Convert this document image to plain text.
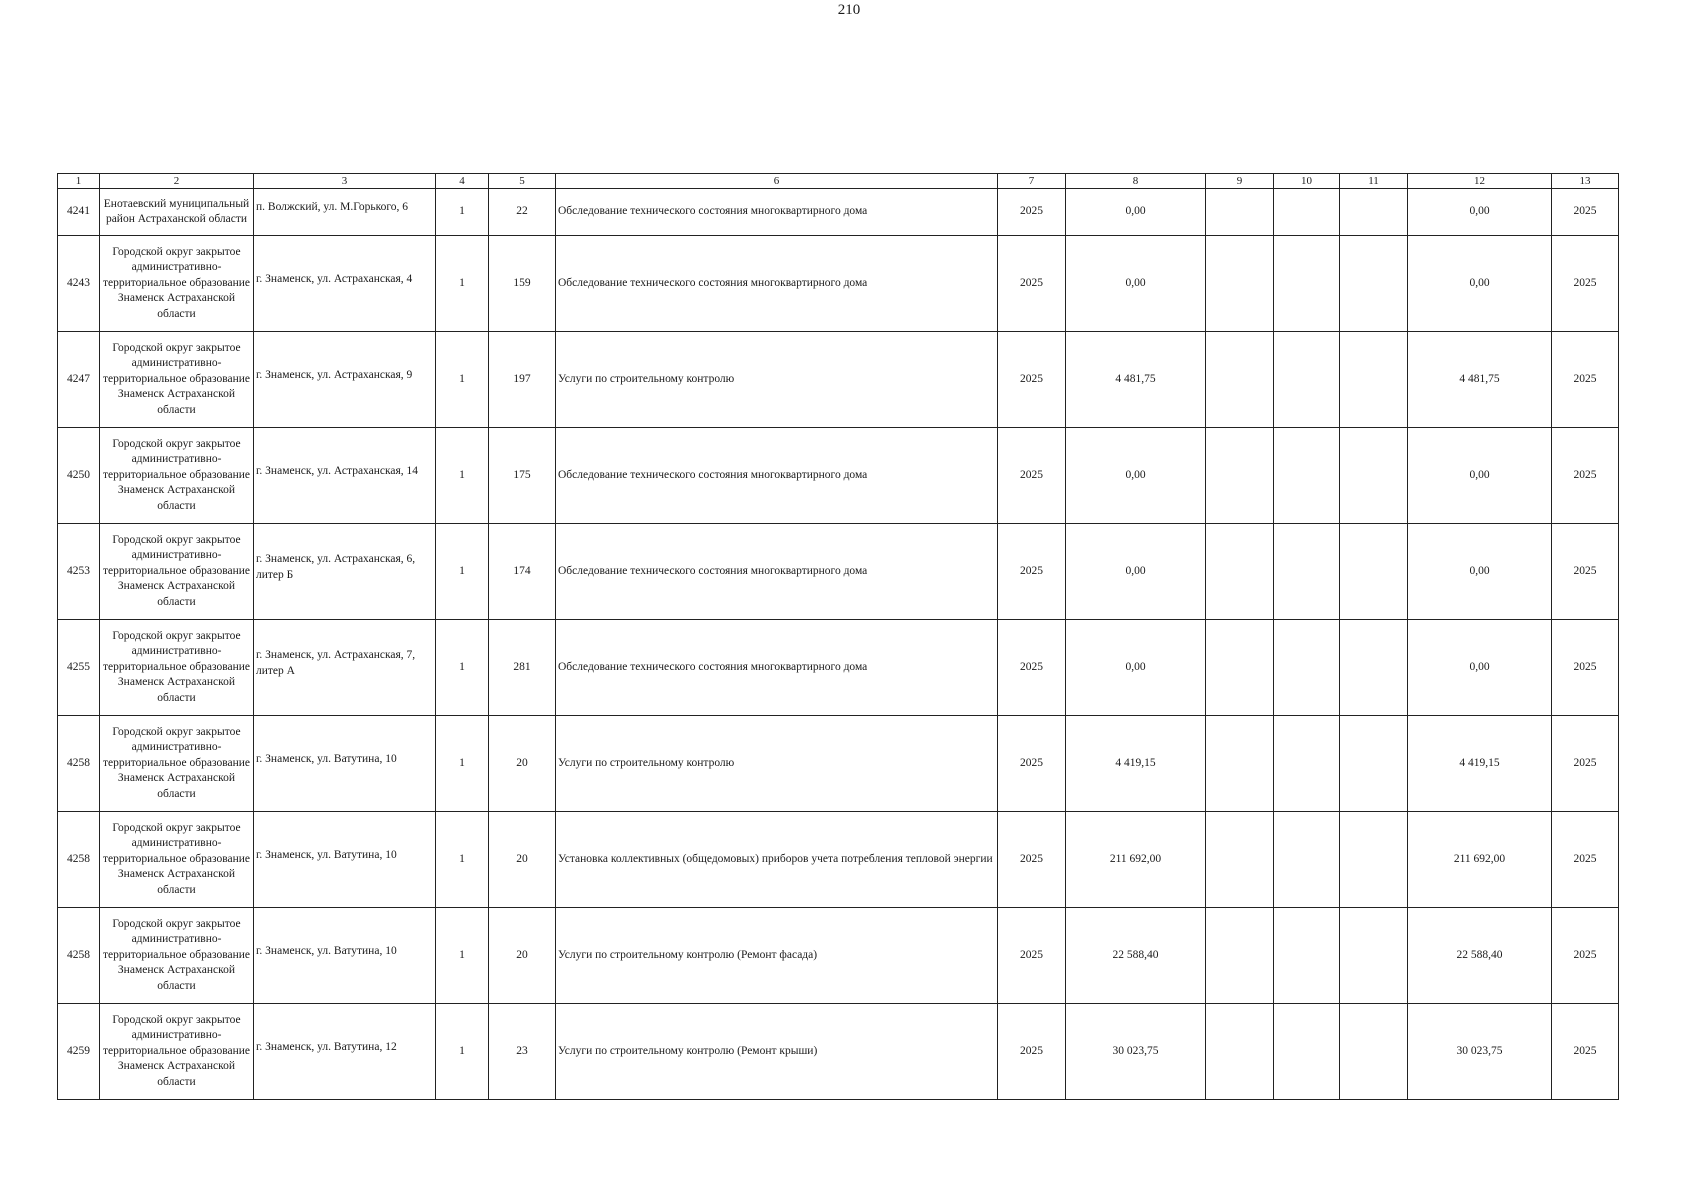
210
1	2	3	4	5	6	7	8	9	10	11	12	13
4241	Енотаевский муниципальный район Астраханской области	п. Волжский, ул. М.Горького, 6	1	22	Обследование технического состояния многоквартирного дома	2025	0,00				0,00	2025
4243	Городской округ закрытое административно-территориальное образование Знаменск Астраханской области	г. Знаменск, ул. Астраханская, 4	1	159	Обследование технического состояния многоквартирного дома	2025	0,00				0,00	2025
4247	Городской округ закрытое административно-территориальное образование Знаменск Астраханской области	г. Знаменск, ул. Астраханская, 9	1	197	Услуги по строительному контролю	2025	4 481,75				4 481,75	2025
4250	Городской округ закрытое административно-территориальное образование Знаменск Астраханской области	г. Знаменск, ул. Астраханская, 14	1	175	Обследование технического состояния многоквартирного дома	2025	0,00				0,00	2025
4253	Городской округ закрытое административно-территориальное образование Знаменск Астраханской области	г. Знаменск, ул. Астраханская, 6, литер Б	1	174	Обследование технического состояния многоквартирного дома	2025	0,00				0,00	2025
4255	Городской округ закрытое административно-территориальное образование Знаменск Астраханской области	г. Знаменск, ул. Астраханская, 7, литер А	1	281	Обследование технического состояния многоквартирного дома	2025	0,00				0,00	2025
4258	Городской округ закрытое административно-территориальное образование Знаменск Астраханской области	г. Знаменск, ул. Ватутина, 10	1	20	Услуги по строительному контролю	2025	4 419,15				4 419,15	2025
4258	Городской округ закрытое административно-территориальное образование Знаменск Астраханской области	г. Знаменск, ул. Ватутина, 10	1	20	Установка коллективных (общедомовых) приборов учета потребления тепловой энергии	2025	211 692,00				211 692,00	2025
4258	Городской округ закрытое административно-территориальное образование Знаменск Астраханской области	г. Знаменск, ул. Ватутина, 10	1	20	Услуги по строительному контролю (Ремонт фасада)	2025	22 588,40				22 588,40	2025
4259	Городской округ закрытое административно-территориальное образование Знаменск Астраханской области	г. Знаменск, ул. Ватутина, 12	1	23	Услуги по строительному контролю (Ремонт крыши)	2025	30 023,75				30 023,75	2025
